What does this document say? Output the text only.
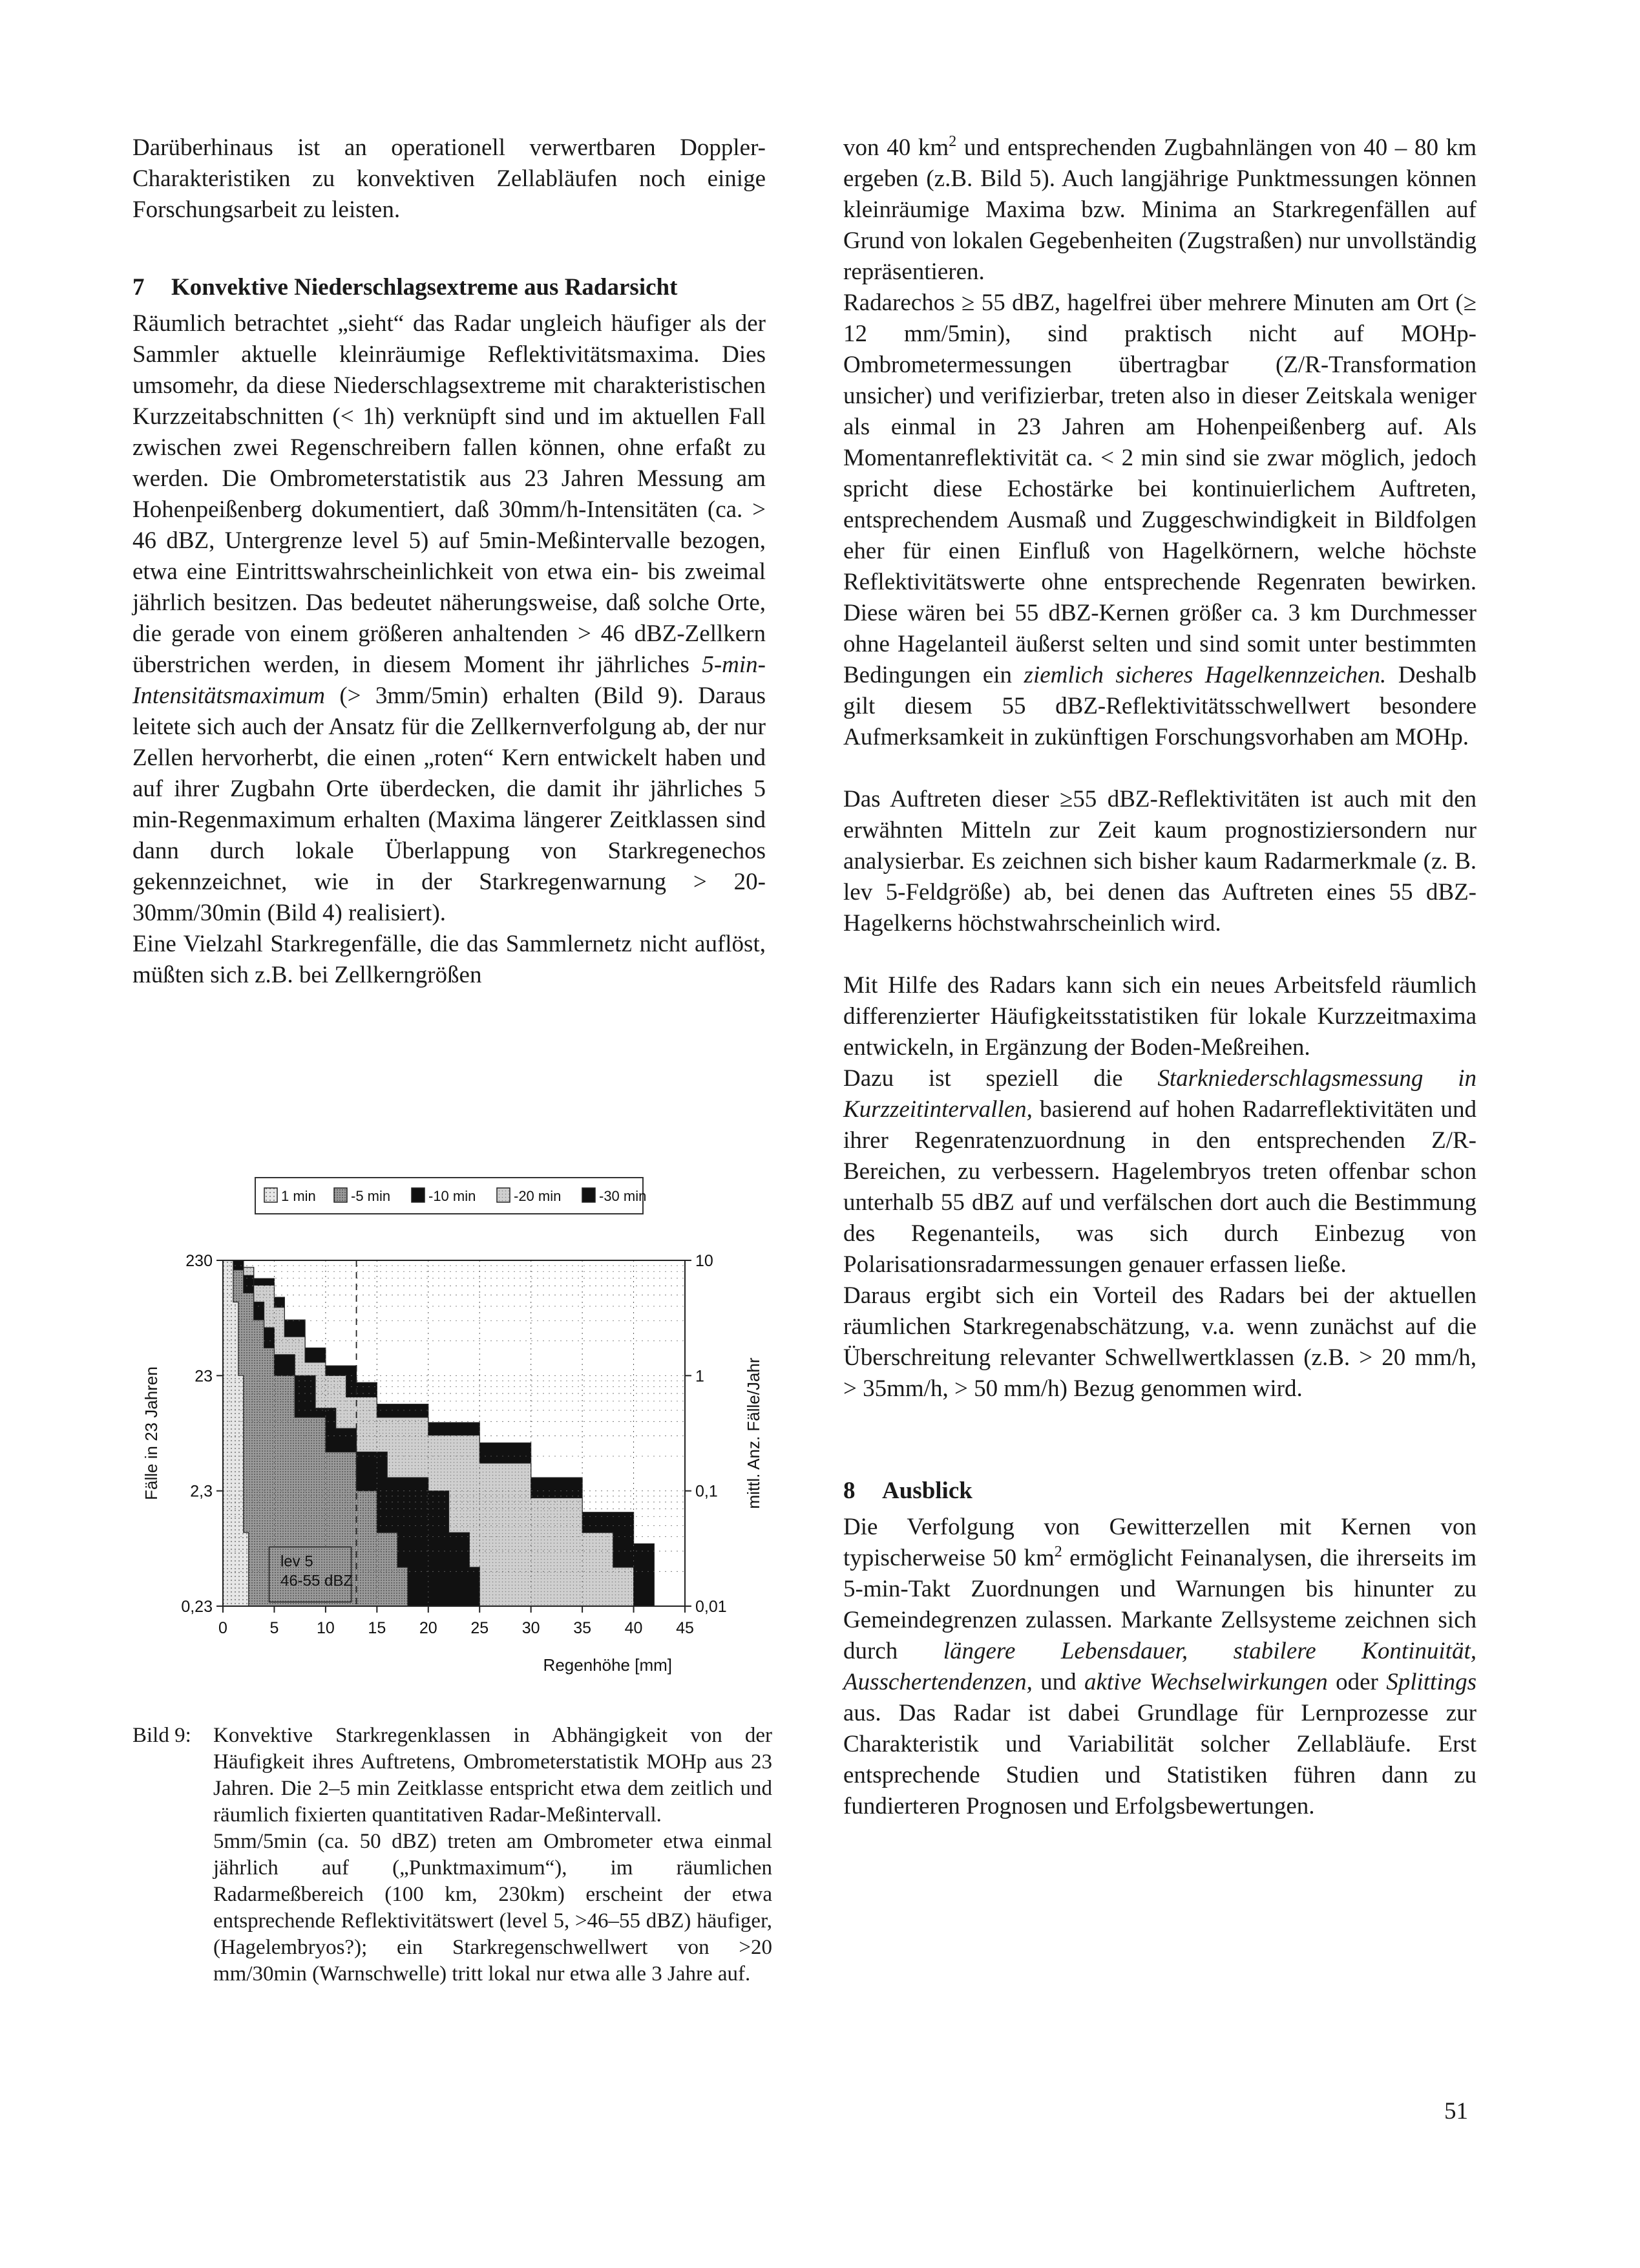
Darüberhinaus ist an operationell verwertbaren Doppler-Charakteristiken zu konvektiven Zellabläufen noch einige Forschungsarbeit zu leisten.

7 Konvektive Niederschlagsextreme aus Radarsicht

Räumlich betrachtet „sieht“ das Radar ungleich häufiger als der Sammler aktuelle kleinräumige Reflektivitätsmaxima. Dies umsomehr, da diese Niederschlagsextreme mit charakteristischen Kurzzeitabschnitten (< 1h) verknüpft sind und im aktuellen Fall zwischen zwei Regenschreibern fallen können, ohne erfaßt zu werden. Die Ombrometerstatistik aus 23 Jahren Messung am Hohenpeißenberg dokumentiert, daß 30mm/h-Intensitäten (ca. > 46 dBZ, Untergrenze level 5) auf 5min-Meßintervalle bezogen, etwa eine Eintrittswahrscheinlichkeit von etwa ein- bis zweimal jährlich besitzen. Das bedeutet näherungsweise, daß solche Orte, die gerade von einem größeren anhaltenden > 46 dBZ-Zellkern überstrichen werden, in diesem Moment ihr jährliches 5-min-Intensitätsmaximum (> 3mm/5min) erhalten (Bild 9). Daraus leitete sich auch der Ansatz für die Zellkernverfolgung ab, der nur Zellen hervorherbt, die einen „roten“ Kern entwickelt haben und auf ihrer Zugbahn Orte überdecken, die damit ihr jährliches 5 min-Regenmaximum erhalten (Maxima längerer Zeitklassen sind dann durch lokale Überlappung von Starkregenechos gekennzeichnet, wie in der Starkregenwarnung > 20-30mm/30min (Bild 4) realisiert).

Eine Vielzahl Starkregenfälle, die das Sammlernetz nicht auflöst, müßten sich z.B. bei Zellkerngrößen

1 min -5 min	-10 min	-20 min	-30 min
lev 5
46-55 dBZ
0	5 10 15 20 25 30 35 40 45
0,23
2,3
23
230
0,01
0,1
1
10
Regenhöhe [mm]
Fälle in 23 Jahren	mittl. Anz. Fälle/Jahr
Bild 9:	Konvektive Starkregenklassen in Abhängigkeit von der Häufigkeit ihres Auftretens, Ombrometerstatistik MOHp aus 23 Jahren. Die 2–5 min Zeitklasse entspricht etwa dem zeitlich und räumlich fixierten quantitativen Radar-Meßintervall.

5mm/5min (ca. 50 dBZ) treten am Ombrometer etwa einmal jährlich auf („Punktmaximum“), im räumlichen Radarmeßbereich (100 km, 230km) erscheint der etwa entsprechende Reflektivitätswert (level 5, >46–55 dBZ) häufiger, (Hagelembryos?); ein Starkregenschwellwert von >20 mm/30min (Warnschwelle) tritt lokal nur etwa alle 3 Jahre auf.

von 40 $km^2$ und entsprechenden Zugbahnlängen von 40 – 80 km ergeben (z.B. Bild 5). Auch langjährige Punktmessungen können kleinräumige Maxima bzw. Minima an Starkregenfällen auf Grund von lokalen Gegebenheiten (Zugstraßen) nur unvollständig repräsentieren.

Radarechos ≥ 55 dBZ, hagelfrei über mehrere Minuten am Ort (≥ 12 mm/5min), sind praktisch nicht auf MOHp-Ombrometermessungen übertragbar (Z/R-Transformation unsicher) und verifizierbar, treten also in dieser Zeitskala weniger als einmal in 23 Jahren am Hohenpeißenberg auf. Als Momentanreflektivität ca. < 2 min sind sie zwar möglich, jedoch spricht diese Echostärke bei kontinuierlichem Auftreten, entsprechendem Ausmaß und Zuggeschwindigkeit in Bildfolgen eher für einen Einfluß von Hagelkörnern, welche höchste Reflektivitätswerte ohne entsprechende Regenraten bewirken. Diese wären bei 55 dBZ-Kernen größer ca. 3 km Durchmesser ohne Hagelanteil äußerst selten und sind somit unter bestimmten Bedingungen ein ziemlich sicheres Hagelkennzeichen. Deshalb gilt diesem 55 dBZ-Reflektivitätsschwellwert besondere Aufmerksamkeit in zukünftigen Forschungsvorhaben am MOHp.

Das Auftreten dieser ≥55 dBZ-Reflektivitäten ist auch mit den erwähnten Mitteln zur Zeit kaum prognostiziersondern nur analysierbar. Es zeichnen sich bisher kaum Radarmerkmale (z. B. lev 5-Feldgröße) ab, bei denen das Auftreten eines 55 dBZ-Hagelkerns höchstwahrscheinlich wird.

Mit Hilfe des Radars kann sich ein neues Arbeitsfeld räumlich differenzierter Häufigkeitsstatistiken für lokale Kurzzeitmaxima entwickeln, in Ergänzung der Boden-Meßreihen.

Dazu ist speziell die Starkniederschlagsmessung in Kurzzeitintervallen, basierend auf hohen Radarreflektivitäten und ihrer Regenratenzuordnung in den entsprechenden Z/R-Bereichen, zu verbessern. Hagelembryos treten offenbar schon unterhalb 55 dBZ auf und verfälschen dort auch die Bestimmung des Regenanteils, was sich durch Einbezug von Polarisationsradarmessungen genauer erfassen ließe.

Daraus ergibt sich ein Vorteil des Radars bei der aktuellen räumlichen Starkregenabschätzung, v.a. wenn zunächst auf die Überschreitung relevanter Schwellwertklassen (z.B. > 20 mm/h, > 35mm/h, > 50 mm/h) Bezug genommen wird.

8 Ausblick

Die Verfolgung von Gewitterzellen mit Kernen von typischerweise 50 $km^2$ ermöglicht Feinanalysen, die ihrerseits im 5-min-Takt Zuordnungen und Warnungen bis hinunter zu Gemeindegrenzen zulassen. Markante Zellsysteme zeichnen sich durch längere Lebensdauer, stabilere Kontinuität, Ausschertendenzen, und aktive Wechselwirkungen oder Splittings aus. Das Radar ist dabei Grundlage für Lernprozesse zur Charakteristik und Variabilität solcher Zellabläufe. Erst entsprechende Studien und Statistiken führen dann zu fundierteren Prognosen und Erfolgsbewertungen.

51
